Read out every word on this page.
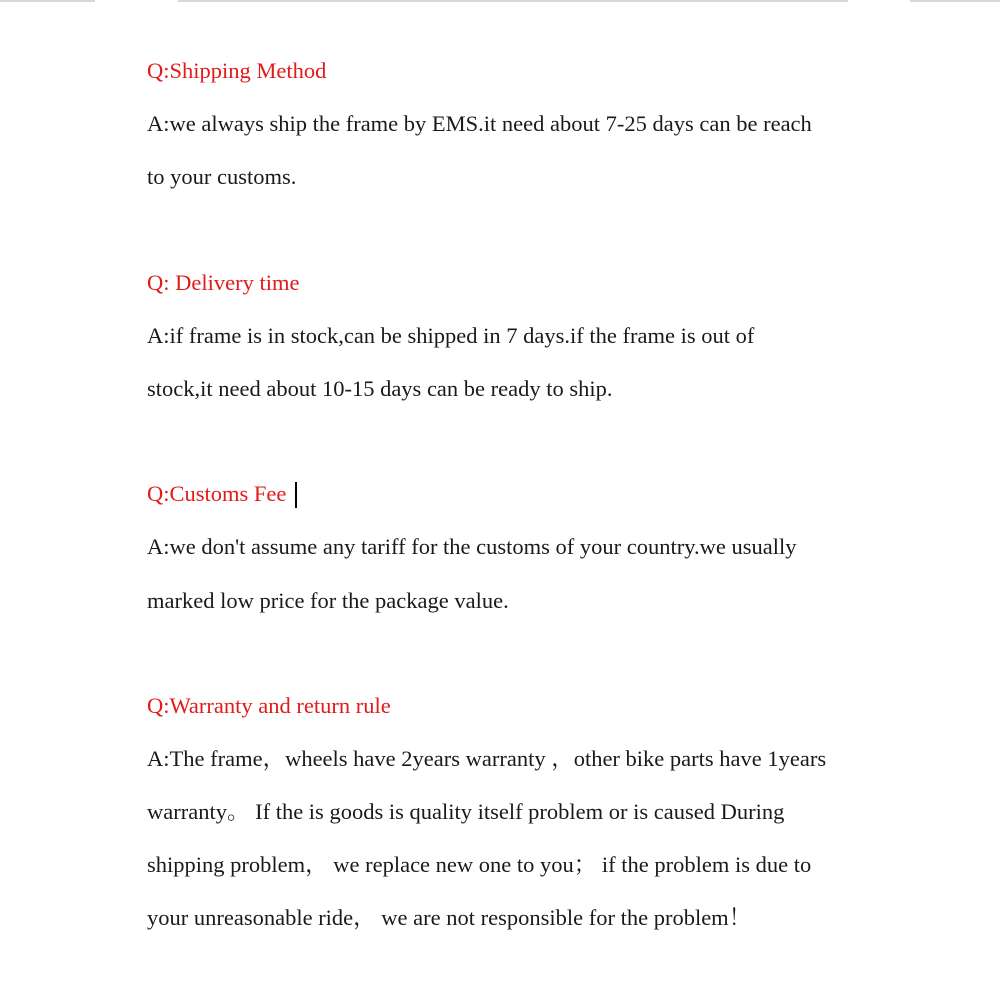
Q:Shipping Method
A:we always ship the frame by EMS.it need about 7-25 days can be reach
to your customs.
Q: Delivery time
A:if frame is in stock,can be shipped in 7 days.if the frame is out of
stock,it need about 10-15 days can be ready to ship.
Q:Customs Fee
A:we don't assume any tariff for the customs of your country.we usually
marked low price for the package value.
Q:Warranty and return rule
A:The frame，wheels have 2years warranty ，other bike parts have 1years
warranty。 If the is goods is quality itself problem or is caused During
shipping problem， we replace new one to you； if the problem is due to
your unreasonable ride， we are not responsible for the problem！
